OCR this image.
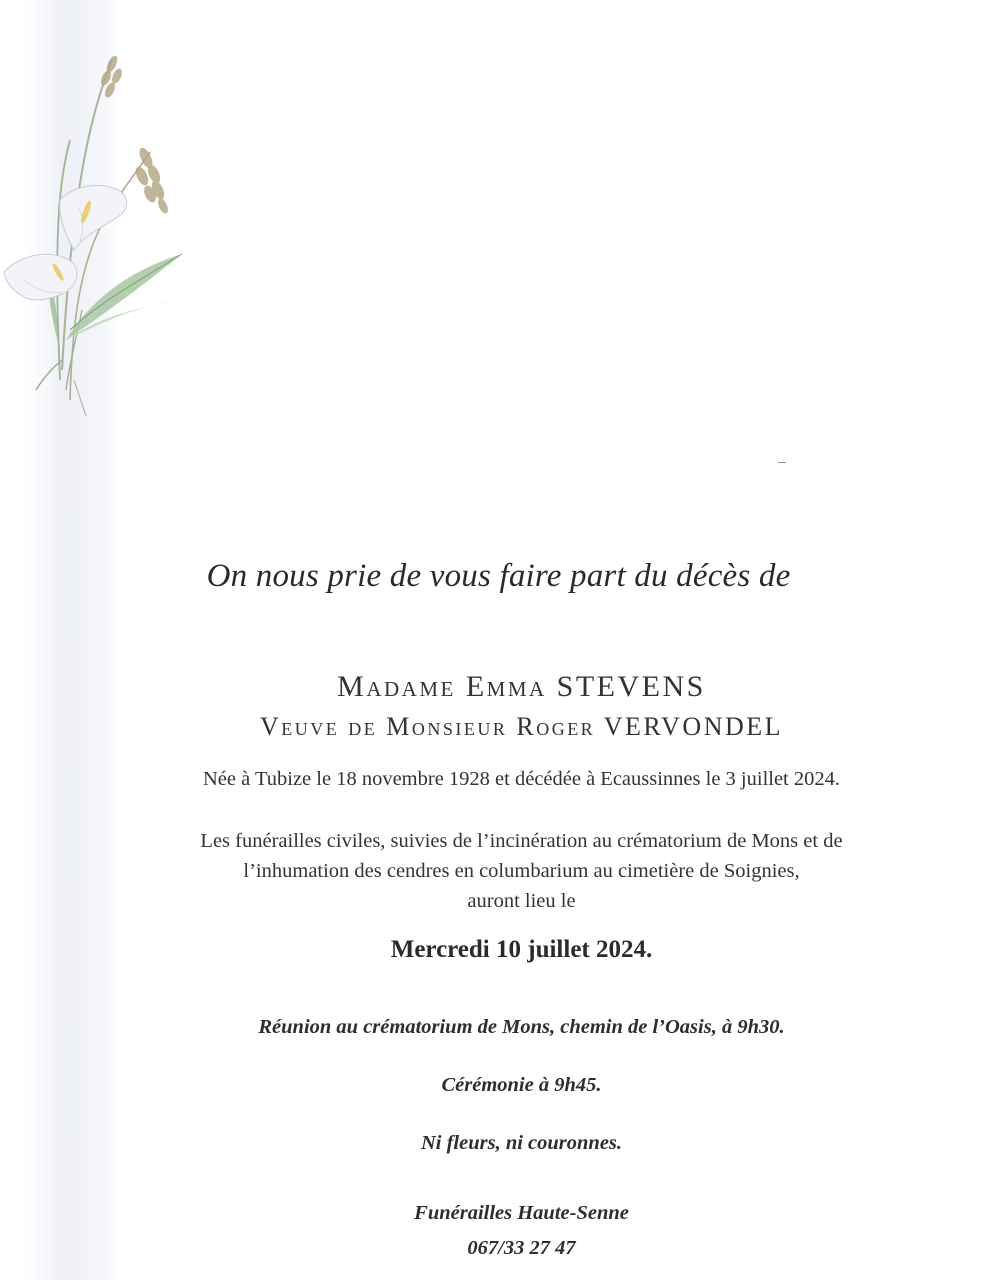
On nous prie de vous faire part du décès de
Madame Emma STEVENS
Veuve de Monsieur Roger VERVONDEL
Née à Tubize le 18 novembre 1928 et décédée à Ecaussinnes le 3 juillet 2024.
Les funérailles civiles, suivies de l’incinération au crématorium de Mons et de
l’inhumation des cendres en columbarium au cimetière de Soignies,
auront lieu le
Mercredi 10 juillet 2024.
Réunion au crématorium de Mons, chemin de l’Oasis, à 9h30.
Cérémonie à 9h45.
Ni fleurs, ni couronnes.
Funérailles Haute-Senne
067/33 27 47
